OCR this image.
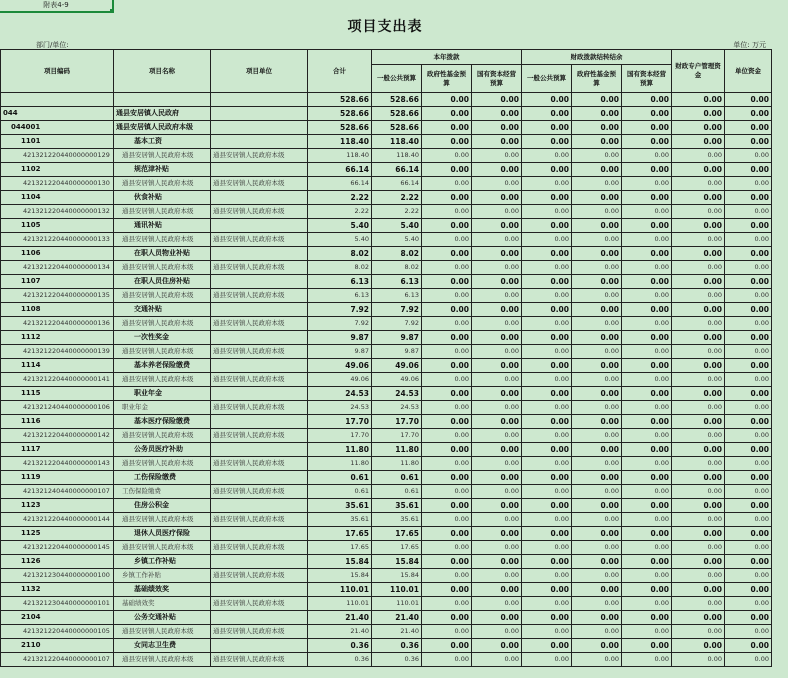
附表4-9
项目支出表
部门/单位:	单位: 万元
项目编码	项目名称	项目单位	合计	本年拨款			财政拨款结转结余			财政专户管理资金	单位资金
				一般公共预算	政府性基金预算	国有资本经营预算	一般公共预算	政府性基金预算	国有资本经营预算		
			528.66	528.66	0.00	0.00	0.00	0.00	0.00	0.00	0.00
044	通县安居镇人民政府		528.66	528.66	0.00	0.00	0.00	0.00	0.00	0.00	0.00
044001	通县安居镇人民政府本级		528.66	528.66	0.00	0.00	0.00	0.00	0.00	0.00	0.00
1101	基本工资		118.40	118.40	0.00	0.00	0.00	0.00	0.00	0.00	0.00
421321220440000000129	通县安居镇人民政府本级	通县安居镇人民政府本级	118.40	118.40	0.00	0.00	0.00	0.00	0.00	0.00	0.00
1102	规范津补贴		66.14	66.14	0.00	0.00	0.00	0.00	0.00	0.00	0.00
421321220440000000130	通县安居镇人民政府本级	通县安居镇人民政府本级	66.14	66.14	0.00	0.00	0.00	0.00	0.00	0.00	0.00
1104	伙食补贴		2.22	2.22	0.00	0.00	0.00	0.00	0.00	0.00	0.00
421321220440000000132	通县安居镇人民政府本级	通县安居镇人民政府本级	2.22	2.22	0.00	0.00	0.00	0.00	0.00	0.00	0.00
1105	通讯补贴		5.40	5.40	0.00	0.00	0.00	0.00	0.00	0.00	0.00
421321220440000000133	通县安居镇人民政府本级	通县安居镇人民政府本级	5.40	5.40	0.00	0.00	0.00	0.00	0.00	0.00	0.00
1106	在职人员物业补贴		8.02	8.02	0.00	0.00	0.00	0.00	0.00	0.00	0.00
421321220440000000134	通县安居镇人民政府本级	通县安居镇人民政府本级	8.02	8.02	0.00	0.00	0.00	0.00	0.00	0.00	0.00
1107	在职人员住房补贴		6.13	6.13	0.00	0.00	0.00	0.00	0.00	0.00	0.00
421321220440000000135	通县安居镇人民政府本级	通县安居镇人民政府本级	6.13	6.13	0.00	0.00	0.00	0.00	0.00	0.00	0.00
1108	交通补贴		7.92	7.92	0.00	0.00	0.00	0.00	0.00	0.00	0.00
421321220440000000136	通县安居镇人民政府本级	通县安居镇人民政府本级	7.92	7.92	0.00	0.00	0.00	0.00	0.00	0.00	0.00
1112	一次性奖金		9.87	9.87	0.00	0.00	0.00	0.00	0.00	0.00	0.00
421321220440000000139	通县安居镇人民政府本级	通县安居镇人民政府本级	9.87	9.87	0.00	0.00	0.00	0.00	0.00	0.00	0.00
1114	基本养老保险缴费		49.06	49.06	0.00	0.00	0.00	0.00	0.00	0.00	0.00
421321220440000000141	通县安居镇人民政府本级	通县安居镇人民政府本级	49.06	49.06	0.00	0.00	0.00	0.00	0.00	0.00	0.00
1115	职业年金		24.53	24.53	0.00	0.00	0.00	0.00	0.00	0.00	0.00
421321240440000000106	职业年金	通县安居镇人民政府本级	24.53	24.53	0.00	0.00	0.00	0.00	0.00	0.00	0.00
1116	基本医疗保险缴费		17.70	17.70	0.00	0.00	0.00	0.00	0.00	0.00	0.00
421321220440000000142	通县安居镇人民政府本级	通县安居镇人民政府本级	17.70	17.70	0.00	0.00	0.00	0.00	0.00	0.00	0.00
1117	公务员医疗补助		11.80	11.80	0.00	0.00	0.00	0.00	0.00	0.00	0.00
421321220440000000143	通县安居镇人民政府本级	通县安居镇人民政府本级	11.80	11.80	0.00	0.00	0.00	0.00	0.00	0.00	0.00
1119	工伤保险缴费		0.61	0.61	0.00	0.00	0.00	0.00	0.00	0.00	0.00
421321240440000000107	工伤保险缴费	通县安居镇人民政府本级	0.61	0.61	0.00	0.00	0.00	0.00	0.00	0.00	0.00
1123	住房公积金		35.61	35.61	0.00	0.00	0.00	0.00	0.00	0.00	0.00
421321220440000000144	通县安居镇人民政府本级	通县安居镇人民政府本级	35.61	35.61	0.00	0.00	0.00	0.00	0.00	0.00	0.00
1125	退休人员医疗保险		17.65	17.65	0.00	0.00	0.00	0.00	0.00	0.00	0.00
421321220440000000145	通县安居镇人民政府本级	通县安居镇人民政府本级	17.65	17.65	0.00	0.00	0.00	0.00	0.00	0.00	0.00
1126	乡镇工作补贴		15.84	15.84	0.00	0.00	0.00	0.00	0.00	0.00	0.00
421321230440000000100	乡镇工作补贴	通县安居镇人民政府本级	15.84	15.84	0.00	0.00	0.00	0.00	0.00	0.00	0.00
1132	基础绩效奖		110.01	110.01	0.00	0.00	0.00	0.00	0.00	0.00	0.00
421321230440000000101	基础绩效奖	通县安居镇人民政府本级	110.01	110.01	0.00	0.00	0.00	0.00	0.00	0.00	0.00
2104	公务交通补贴		21.40	21.40	0.00	0.00	0.00	0.00	0.00	0.00	0.00
421321220440000000105	通县安居镇人民政府本级	通县安居镇人民政府本级	21.40	21.40	0.00	0.00	0.00	0.00	0.00	0.00	0.00
2110	女同志卫生费		0.36	0.36	0.00	0.00	0.00	0.00	0.00	0.00	0.00
421321220440000000107	通县安居镇人民政府本级	通县安居镇人民政府本级	0.36	0.36	0.00	0.00	0.00	0.00	0.00	0.00	0.00
